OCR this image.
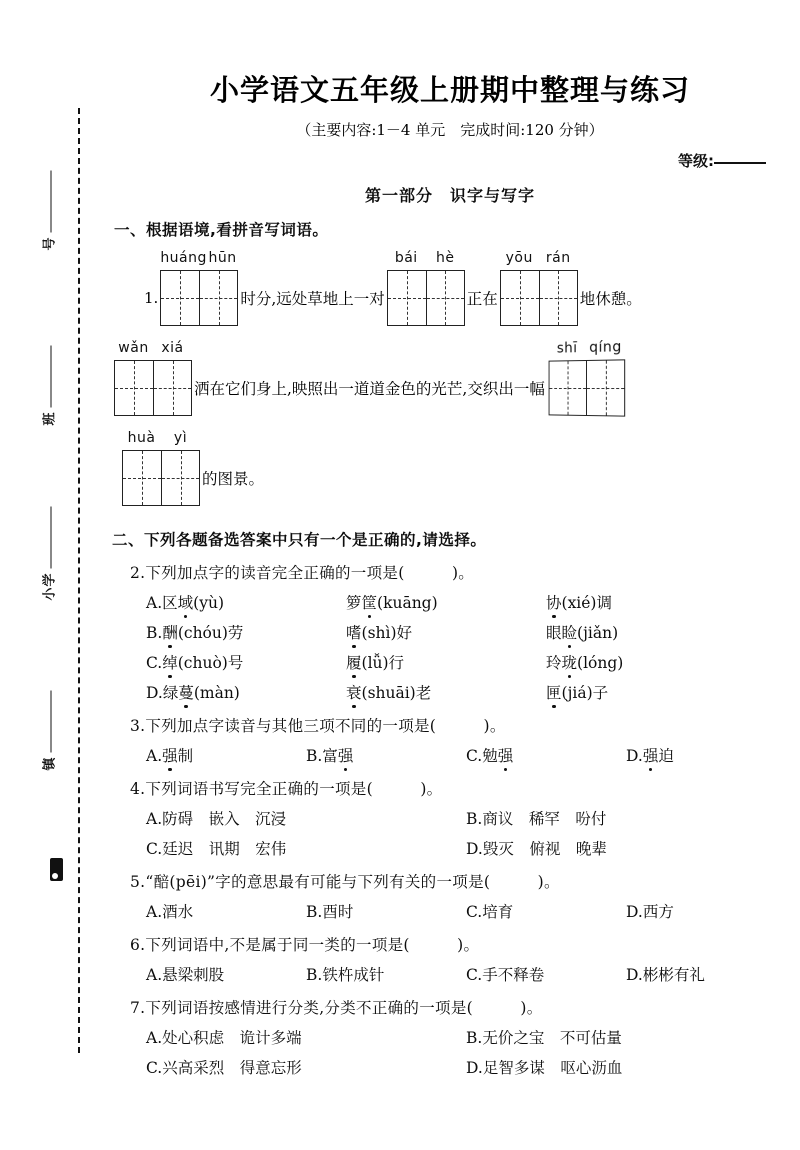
号
班
小学
镇
小学语文五年级上册期中整理与练习

（主要内容:1－4 单元　完成时间:120 分钟）

等级:
第一部分　识字与写字
一、根据语境,看拼音写词语。
1.
huáng hūn
时分,远处草地上一对
bái	hè
正在
yōu rán
地休憩。
wǎn xiá
洒在它们身上,映照出一道道金色的光芒,交织出一幅
shī qíng
huà	yì
的图景。
二、下列各题备选答案中只有一个是正确的,请选择。
2.下列加点字的读音完全正确的一项是(　　　)。
A.区域(yù)	箩筐(kuāng)	协(xié)调
B.酬(chóu)劳	嗜(shì)好	眼睑(jiǎn)
C.绰(chuò)号	履(lǚ)行	玲珑(lóng)
D.绿蔓(màn)	衰(shuāi)老	匣(jiá)子
3.下列加点字读音与其他三项不同的一项是(　　　)。
A.强制	B.富强	C.勉强	D.强迫
4.下列词语书写完全正确的一项是(　　　)。
A.防碍　嵌入　沉浸	B.商议　稀罕　吩付
C.廷迟　讯期　宏伟	D.毁灭　俯视　晚辈
5.“醅(pēi)”字的意思最有可能与下列有关的一项是(　　　)。
A.酒水	B.酉时	C.培育	D.西方
6.下列词语中,不是属于同一类的一项是(　　　)。
A.悬梁刺股	B.铁杵成针	C.手不释卷	D.彬彬有礼
7.下列词语按感情进行分类,分类不正确的一项是(　　　)。
A.处心积虑　诡计多端	B.无价之宝　不可估量
C.兴高采烈　得意忘形	D.足智多谋　呕心沥血
